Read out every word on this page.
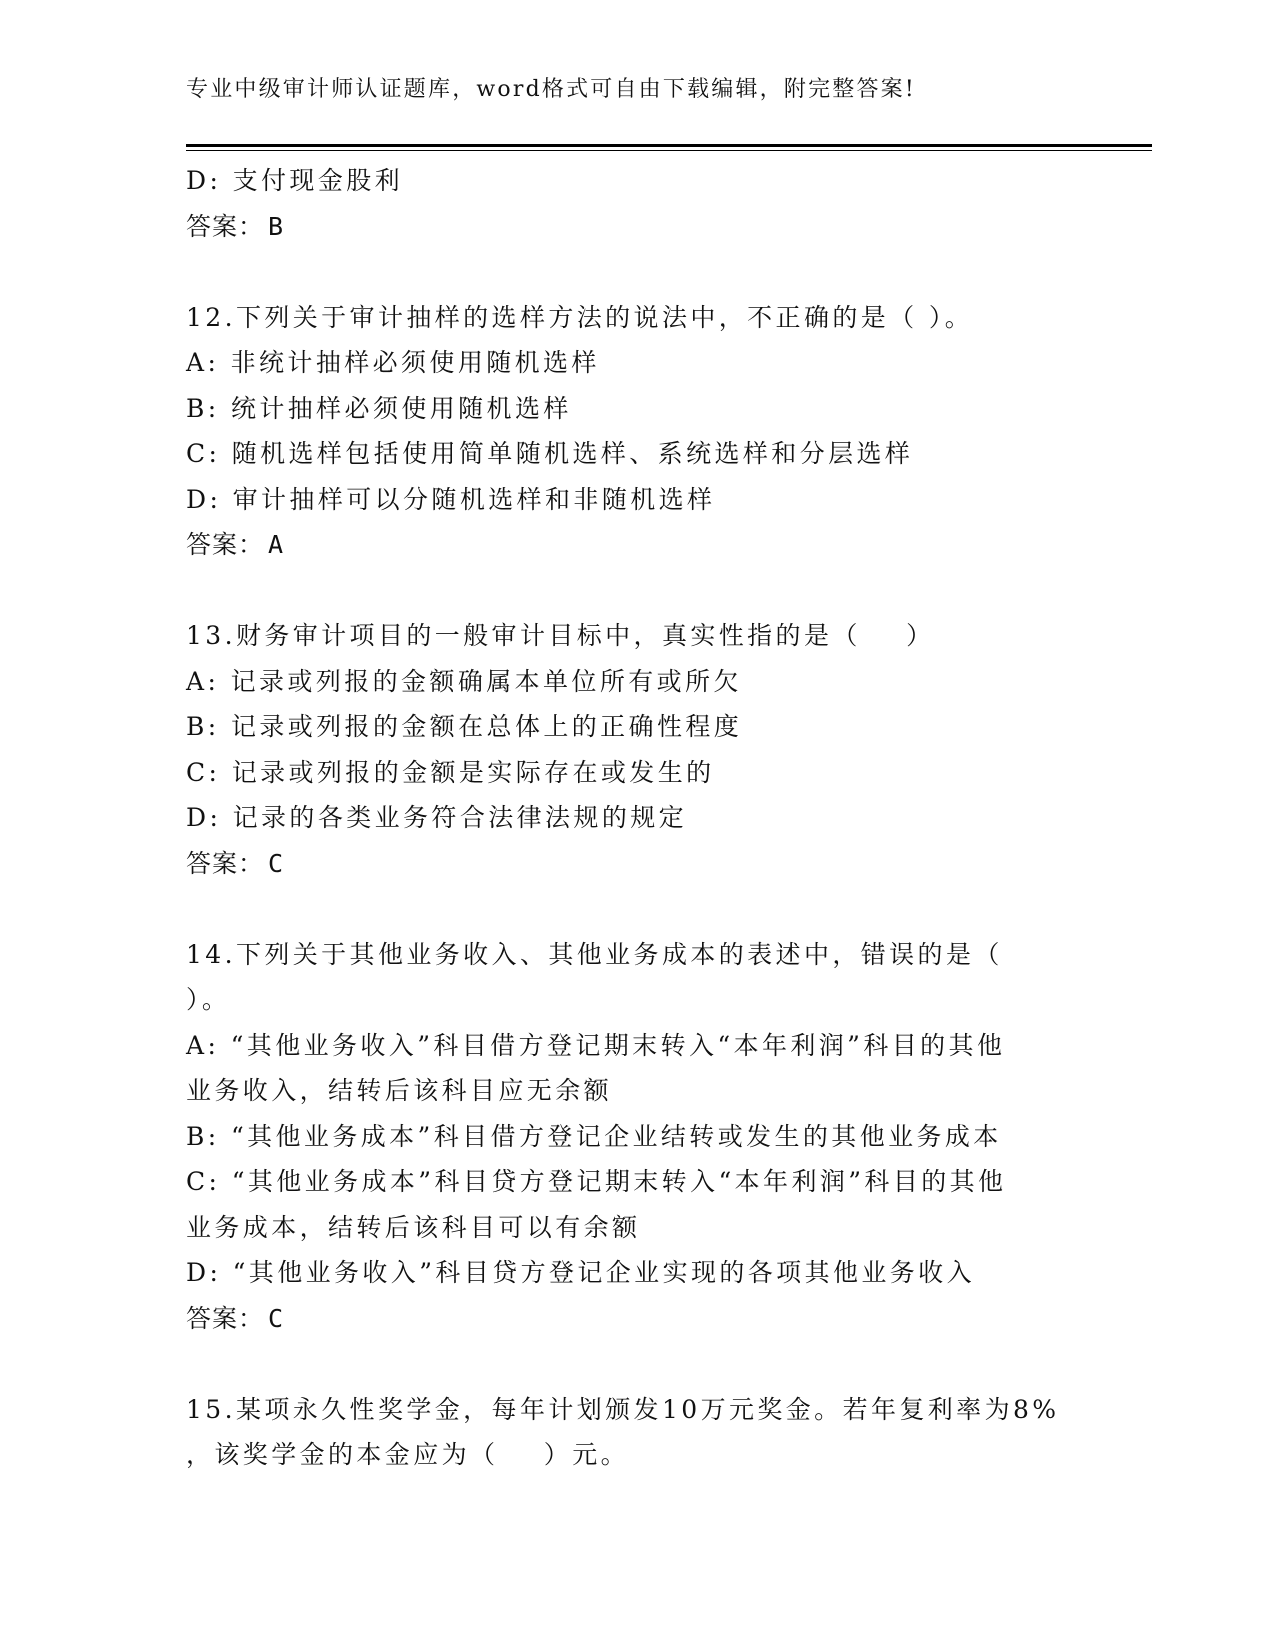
专业中级审计师认证题库，word格式可自由下载编辑，附完整答案!

D: 支付现金股利

答案： B

12.下列关于审计抽样的选样方法的说法中，不正确的是（ ）。

A: 非统计抽样必须使用随机选样

B: 统计抽样必须使用随机选样

C: 随机选样包括使用简单随机选样、系统选样和分层选样

D: 审计抽样可以分随机选样和非随机选样

答案： A

13.财务审计项目的一般审计目标中，真实性指的是（    ）

A: 记录或列报的金额确属本单位所有或所欠

B: 记录或列报的金额在总体上的正确性程度

C: 记录或列报的金额是实际存在或发生的

D: 记录的各类业务符合法律法规的规定

答案： C

14.下列关于其他业务收入、其他业务成本的表述中，错误的是（

）。

A: “其他业务收入”科目借方登记期末转入“本年利润”科目的其他

业务收入，结转后该科目应无余额

B: “其他业务成本”科目借方登记企业结转或发生的其他业务成本

C: “其他业务成本”科目贷方登记期末转入“本年利润”科目的其他

业务成本，结转后该科目可以有余额

D: “其他业务收入”科目贷方登记企业实现的各项其他业务收入

答案： C

15.某项永久性奖学金，每年计划颁发10万元奖金。若年复利率为8%

，该奖学金的本金应为（    ）元。
